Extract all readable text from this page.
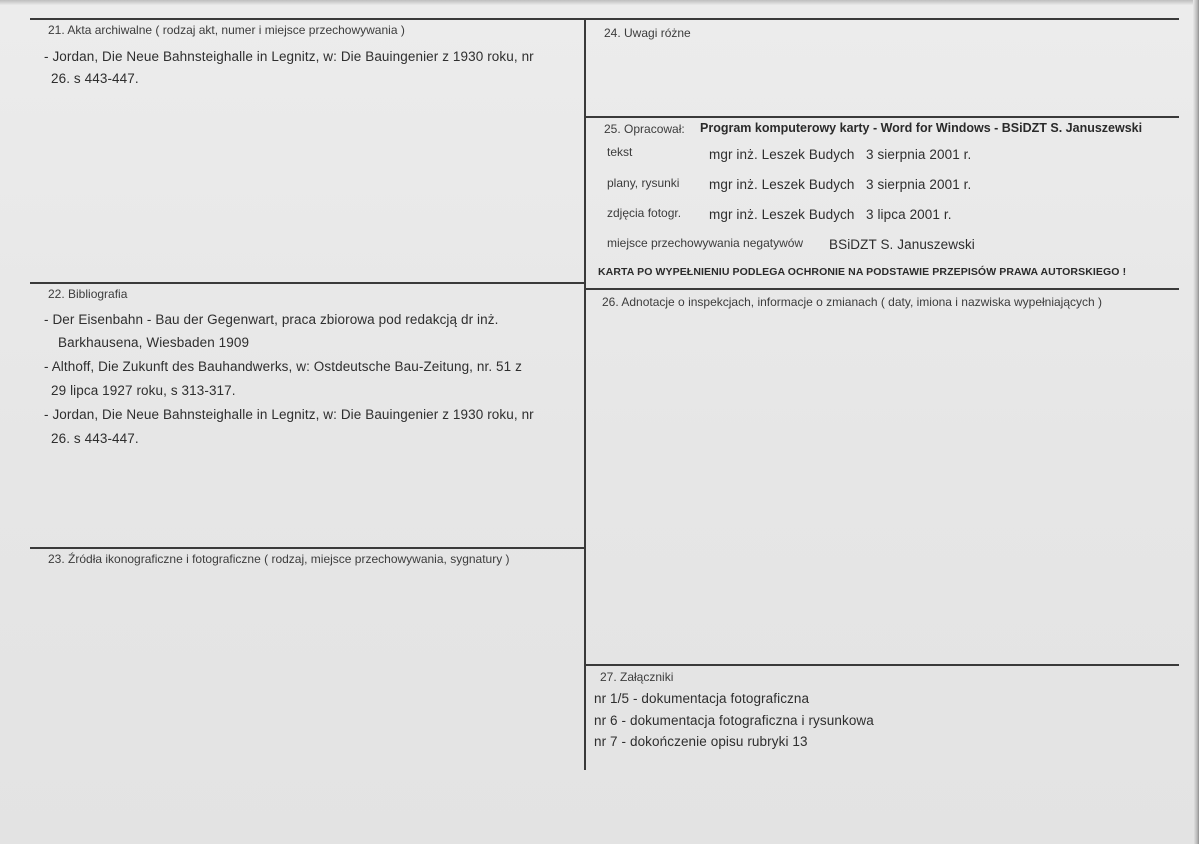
21. Akta archiwalne ( rodzaj akt, numer i miejsce przechowywania )
- Jordan, Die Neue Bahnsteighalle in Legnitz, w: Die Bauingenier z 1930 roku, nr
26. s 443-447.
22. Bibliografia
- Der Eisenbahn - Bau der Gegenwart, praca zbiorowa pod redakcją dr inż.
Barkhausena, Wiesbaden 1909
- Althoff, Die Zukunft des Bauhandwerks, w: Ostdeutsche Bau-Zeitung, nr. 51 z
29 lipca 1927 roku, s 313-317.
- Jordan, Die Neue Bahnsteighalle in Legnitz, w: Die Bauingenier z 1930 roku, nr
26. s 443-447.
23. Źródła ikonograficzne i fotograficzne ( rodzaj, miejsce przechowywania, sygnatury )
24. Uwagi różne
25. Opracował: Program komputerowy karty - Word for Windows - BSiDZT S. Januszewski
tekst	mgr inż. Leszek Budych 3 sierpnia 2001 r.
plany, rysunki mgr inż. Leszek Budych 3 sierpnia 2001 r.
zdjęcia fotogr. mgr inż. Leszek Budych 3 lipca 2001 r.
miejsce przechowywania negatywów BSiDZT S. Januszewski
KARTA PO WYPEŁNIENIU PODLEGA OCHRONIE NA PODSTAWIE PRZEPISÓW PRAWA AUTORSKIEGO !
26. Adnotacje o inspekcjach, informacje o zmianach ( daty, imiona i nazwiska wypełniających )
27. Załączniki
nr 1/5 - dokumentacja fotograficzna
nr 6 - dokumentacja fotograficzna i rysunkowa
nr 7 - dokończenie opisu rubryki 13
